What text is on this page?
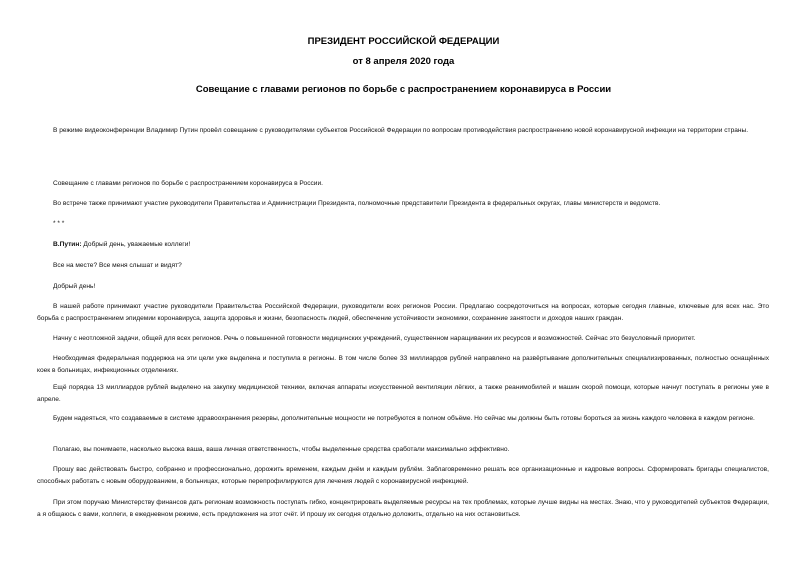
ПРЕЗИДЕНТ РОССИЙСКОЙ ФЕДЕРАЦИИ
от 8 апреля 2020 года
Совещание с главами регионов по борьбе с распространением коронавируса в России
В режиме видеоконференции Владимир Путин провёл совещание с руководителями субъектов Российской Федерации по вопросам противодействия распространению новой коронавирусной инфекции на территории страны.
Совещание с главами регионов по борьбе с распространением коронавируса в России.
Во встрече также принимают участие руководители Правительства и Администрации Президента, полномочные представители Президента в федеральных округах, главы министерств и ведомств.
* * *
В.Путин: Добрый день, уважаемые коллеги!
Все на месте? Все меня слышат и видят?
Добрый день!
В нашей работе принимают участие руководители Правительства Российской Федерации, руководители всех регионов России. Предлагаю сосредоточиться на вопросах, которые сегодня главные, ключевые для всех нас. Это борьба с распространением эпидемии коронавируса, защита здоровья и жизни, безопасность людей, обеспечение устойчивости экономики, сохранение занятости и доходов наших граждан.
Начну с неотложной задачи, общей для всех регионов. Речь о повышенной готовности медицинских учреждений, существенном наращивании их ресурсов и возможностей. Сейчас это безусловный приоритет.
Необходимая федеральная поддержка на эти цели уже выделена и поступила в регионы. В том числе более 33 миллиардов рублей направлено на развёртывание дополнительных специализированных, полностью оснащённых коек в больницах, инфекционных отделениях.
Ещё порядка 13 миллиардов рублей выделено на закупку медицинской техники, включая аппараты искусственной вентиляции лёгких, а также реанимобилей и машин скорой помощи, которые начнут поступать в регионы уже в апреле.
Будем надеяться, что создаваемые в системе здравоохранения резервы, дополнительные мощности не потребуются в полном объёме. Но сейчас мы должны быть готовы бороться за жизнь каждого человека в каждом регионе.
Полагаю, вы понимаете, насколько высока ваша, ваша личная ответственность, чтобы выделенные средства сработали максимально эффективно.
Прошу вас действовать быстро, собранно и профессионально, дорожить временем, каждым днём и каждым рублём. Заблаговременно решать все организационные и кадровые вопросы. Сформировать бригады специалистов, способных работать с новым оборудованием, в больницах, которые перепрофилируются для лечения людей с коронавирусной инфекцией.
При этом поручаю Министерству финансов дать регионам возможность поступать гибко, концентрировать выделяемые ресурсы на тех проблемах, которые лучше видны на местах. Знаю, что у руководителей субъектов Федерации, а я общаюсь с вами, коллеги, в ежедневном режиме, есть предложения на этот счёт. И прошу их сегодня отдельно доложить, отдельно на них остановиться.
